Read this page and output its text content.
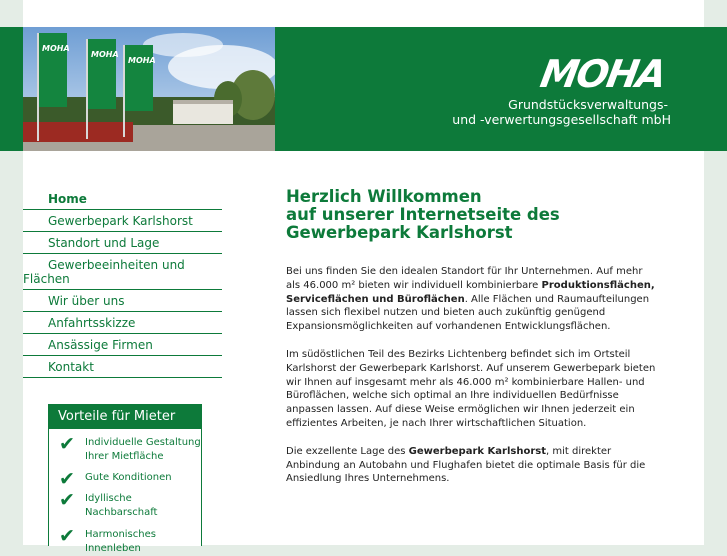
MOHA
MOHA
MOHA	MOHA
Grundstücksverwaltungs-
und -verwertungsgesellschaft mbH
Home
Gewerbepark Karlshorst
Standort und Lage
Gewerbeeinheiten und
Flächen
Wir über uns
Anfahrtsskizze
Ansässige Firmen
Kontakt
Vorteile für Mieter
✔ Individuelle Gestaltung
Ihrer Mietfläche
✔ Gute Konditionen
✔ Idyllische Nachbarschaft
✔ Harmonisches
Innenleben
Herzlich Willkommen
auf unserer Internetseite des
Gewerbepark Karlshorst

Bei uns finden Sie den idealen Standort für Ihr Unternehmen. Auf mehr als 46.000 m² bieten wir individuell kombinierbare Produktionsflächen, Serviceflächen und Büroflächen. Alle Flächen und Raumaufteilungen lassen sich flexibel nutzen und bieten auch zukünftig genügend Expansionsmöglichkeiten auf vorhandenen Entwicklungsflächen.

Im südöstlichen Teil des Bezirks Lichtenberg befindet sich im Ortsteil Karlshorst der Gewerbepark Karlshorst. Auf unserem Gewerbepark bieten wir Ihnen auf insgesamt mehr als 46.000 m² kombinierbare Hallen- und Büroflächen, welche sich optimal an Ihre individuellen Bedürfnisse anpassen lassen. Auf diese Weise ermöglichen wir Ihnen jederzeit ein effizientes Arbeiten, je nach Ihrer wirtschaftlichen Situation.

Die exzellente Lage des Gewerbepark Karlshorst, mit direkter Anbindung an Autobahn und Flughafen bietet die optimale Basis für die Ansiedlung Ihres Unternehmens.
